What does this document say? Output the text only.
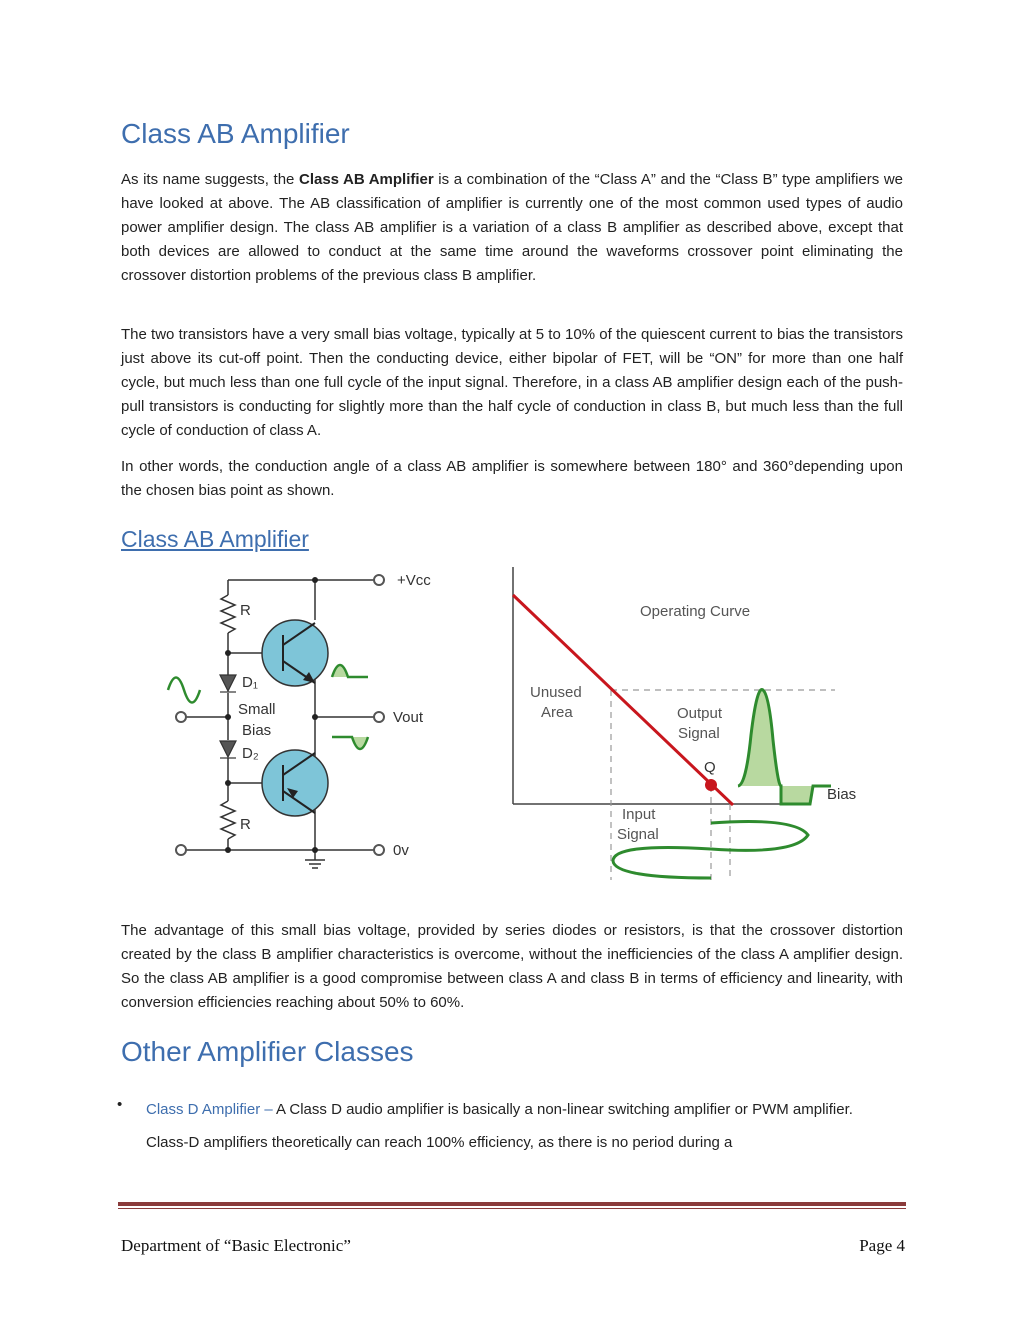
Class AB Amplifier

As its name suggests, the Class AB Amplifier is a combination of the “Class A” and the “Class B” type amplifiers we have looked at above. The AB classification of amplifier is currently one of the most common used types of audio power amplifier design. The class AB amplifier is a variation of a class B amplifier as described above, except that both devices are allowed to conduct at the same time around the waveforms crossover point eliminating the crossover distortion problems of the previous class B amplifier.

The two transistors have a very small bias voltage, typically at 5 to 10% of the quiescent current to bias the transistors just above its cut-off point. Then the conducting device, either bipolar of FET, will be “ON” for more than one half cycle, but much less than one full cycle of the input signal. Therefore, in a class AB amplifier design each of the push-pull transistors is conducting for slightly more than the half cycle of conduction in class B, but much less than the full cycle of conduction of class A.

In other words, the conduction angle of a class AB amplifier is somewhere between 180° and 360°depending upon the chosen bias point as shown.

Class AB Amplifier
+Vcc
R
D₁
Small
Bias
D₂
Vout
R
0v
Operating Curve
Unused
Area	Output
Signal
Q
Bias
Input
Signal

The advantage of this small bias voltage, provided by series diodes or resistors, is that the crossover distortion created by the class B amplifier characteristics is overcome, without the inefficiencies of the class A amplifier design. So the class AB amplifier is a good compromise between class A and class B in terms of efficiency and linearity, with conversion efficiencies reaching about 50% to 60%.

Other Amplifier Classes
• Class D Amplifier – A Class D audio amplifier is basically a non-linear switching amplifier or PWM amplifier. Class-D amplifiers theoretically can reach 100% efficiency, as there is no period during a

Department of “Basic Electronic”	Page 4
